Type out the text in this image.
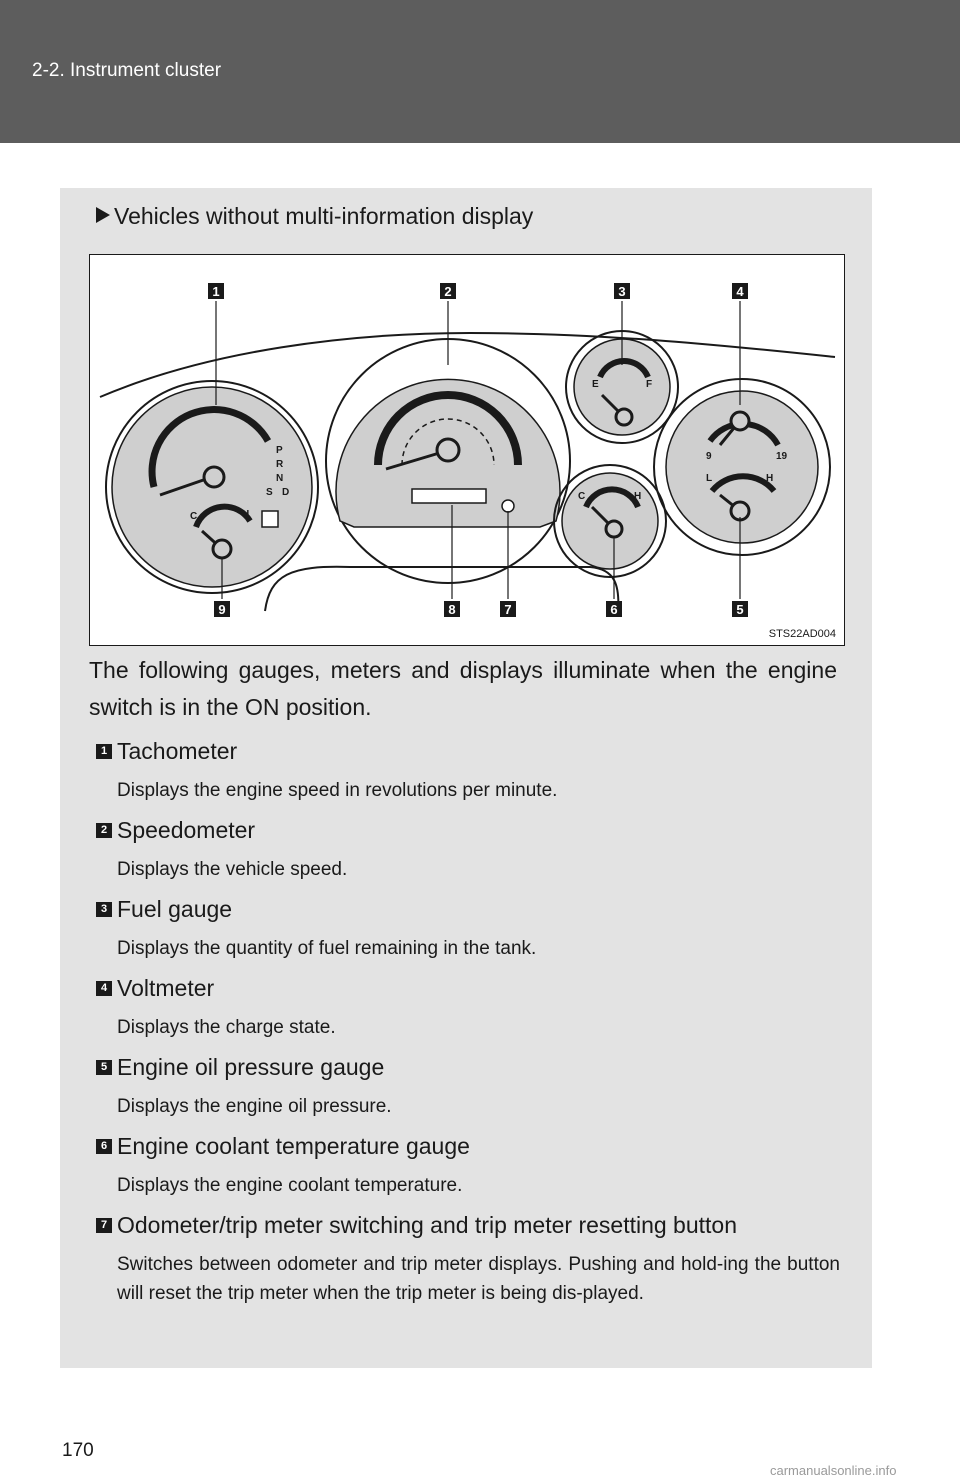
2-2. Instrument cluster
Vehicles without multi-information display
P
R
N
S D
C	H
E	F
C	H
9	19
L	H
1	2	3	4
5
6
7
8
9
STS22AD004
The following gauges, meters and displays illuminate when the engine switch is in the ON position.
1 Tachometer
Displays the engine speed in revolutions per minute.
2 Speedometer
Displays the vehicle speed.
3 Fuel gauge
Displays the quantity of fuel remaining in the tank.
4 Voltmeter
Displays the charge state.
5 Engine oil pressure gauge
Displays the engine oil pressure.
6 Engine coolant temperature gauge
Displays the engine coolant temperature.
7 Odometer/trip meter switching and trip meter resetting button
Switches between odometer and trip meter displays. Pushing and hold-ing the button will reset the trip meter when the trip meter is being dis-played.
170
carmanualsonline.info
